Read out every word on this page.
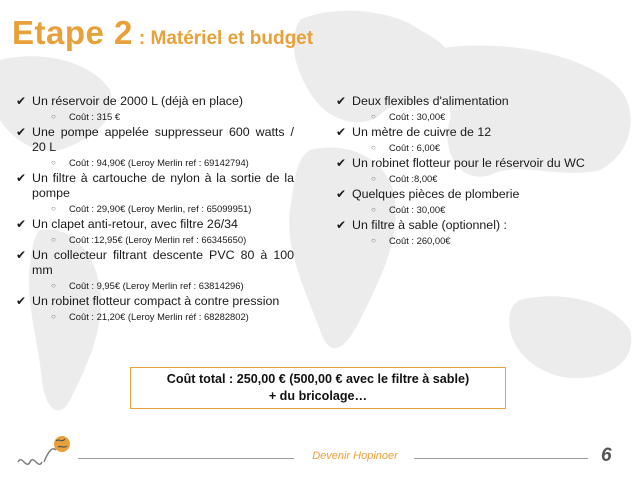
Etape 2 : Matériel et budget
✔ Un réservoir de 2000 L (déjà en place)
○	Coût : 315 €
✔ Une pompe appelée suppresseur 600 watts / 20 L
○	Coût : 94,90€ (Leroy Merlin ref : 69142794)
✔ Un filtre à cartouche de nylon à la sortie de la pompe
○	Coût : 29,90€ (Leroy Merlin, ref : 65099951)
✔ Un clapet anti-retour, avec filtre 26/34
○	Coût :12,95€ (Leroy Merlin ref : 66345650)
✔ Un collecteur filtrant descente PVC 80 à 100 mm
○	Coût : 9,95€ (Leroy Merlin ref : 63814296)
✔ Un robinet flotteur compact à contre pression
○	Coût : 21,20€ (Leroy Merlin réf : 68282802)
✔ Deux flexibles d'alimentation
○	Coût : 30,00€
✔ Un mètre de cuivre de 12
○	Coût : 6,00€
✔ Un robinet flotteur pour le réservoir du WC
○	Coût :8,00€
✔ Quelques pièces de plomberie
○	Coût : 30,00€
✔ Un filtre à sable (optionnel) :
○	Coût : 260,00€
Coût total : 250,00 € (500,00 € avec le filtre à sable)
+ du bricolage…
Devenir Hopinoer	6
